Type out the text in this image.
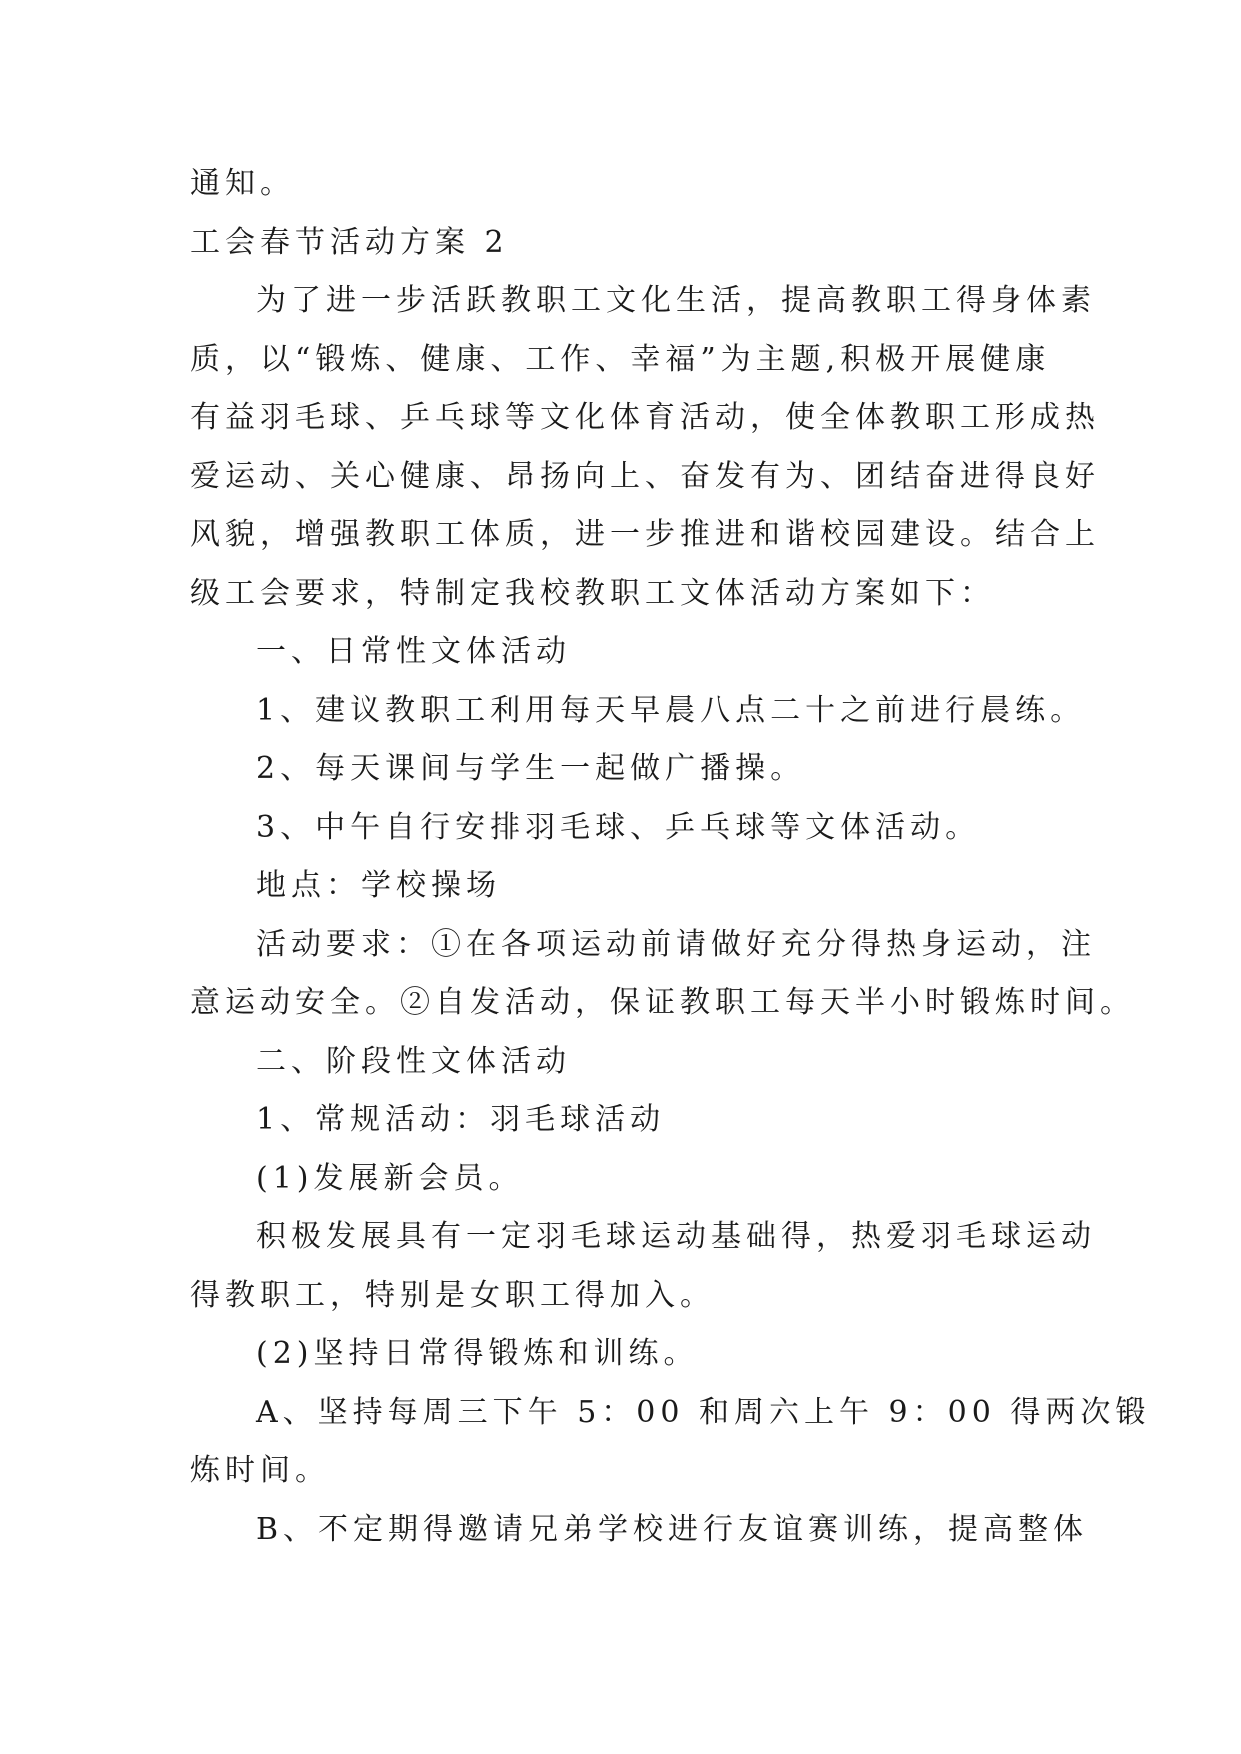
通知。
工会春节活动方案 2
为了进一步活跃教职工文化生活，提高教职工得身体素
质，以“锻炼、健康、工作、幸福”为主题,积极开展健康
有益羽毛球、乒乓球等文化体育活动，使全体教职工形成热
爱运动、关心健康、昂扬向上、奋发有为、团结奋进得良好
风貌，增强教职工体质，进一步推进和谐校园建设。结合上
级工会要求，特制定我校教职工文体活动方案如下：
一、日常性文体活动
1、建议教职工利用每天早晨八点二十之前进行晨练。
2、每天课间与学生一起做广播操。
3、中午自行安排羽毛球、乒乓球等文体活动。
地点：学校操场
活动要求：①在各项运动前请做好充分得热身运动，注
意运动安全。②自发活动，保证教职工每天半小时锻炼时间。
二、阶段性文体活动
1、常规活动：羽毛球活动
(1)发展新会员。
积极发展具有一定羽毛球运动基础得，热爱羽毛球运动
得教职工，特别是女职工得加入。
(2)坚持日常得锻炼和训练。
A、坚持每周三下午 5：00 和周六上午 9：00 得两次锻
炼时间。
B、不定期得邀请兄弟学校进行友谊赛训练，提高整体
